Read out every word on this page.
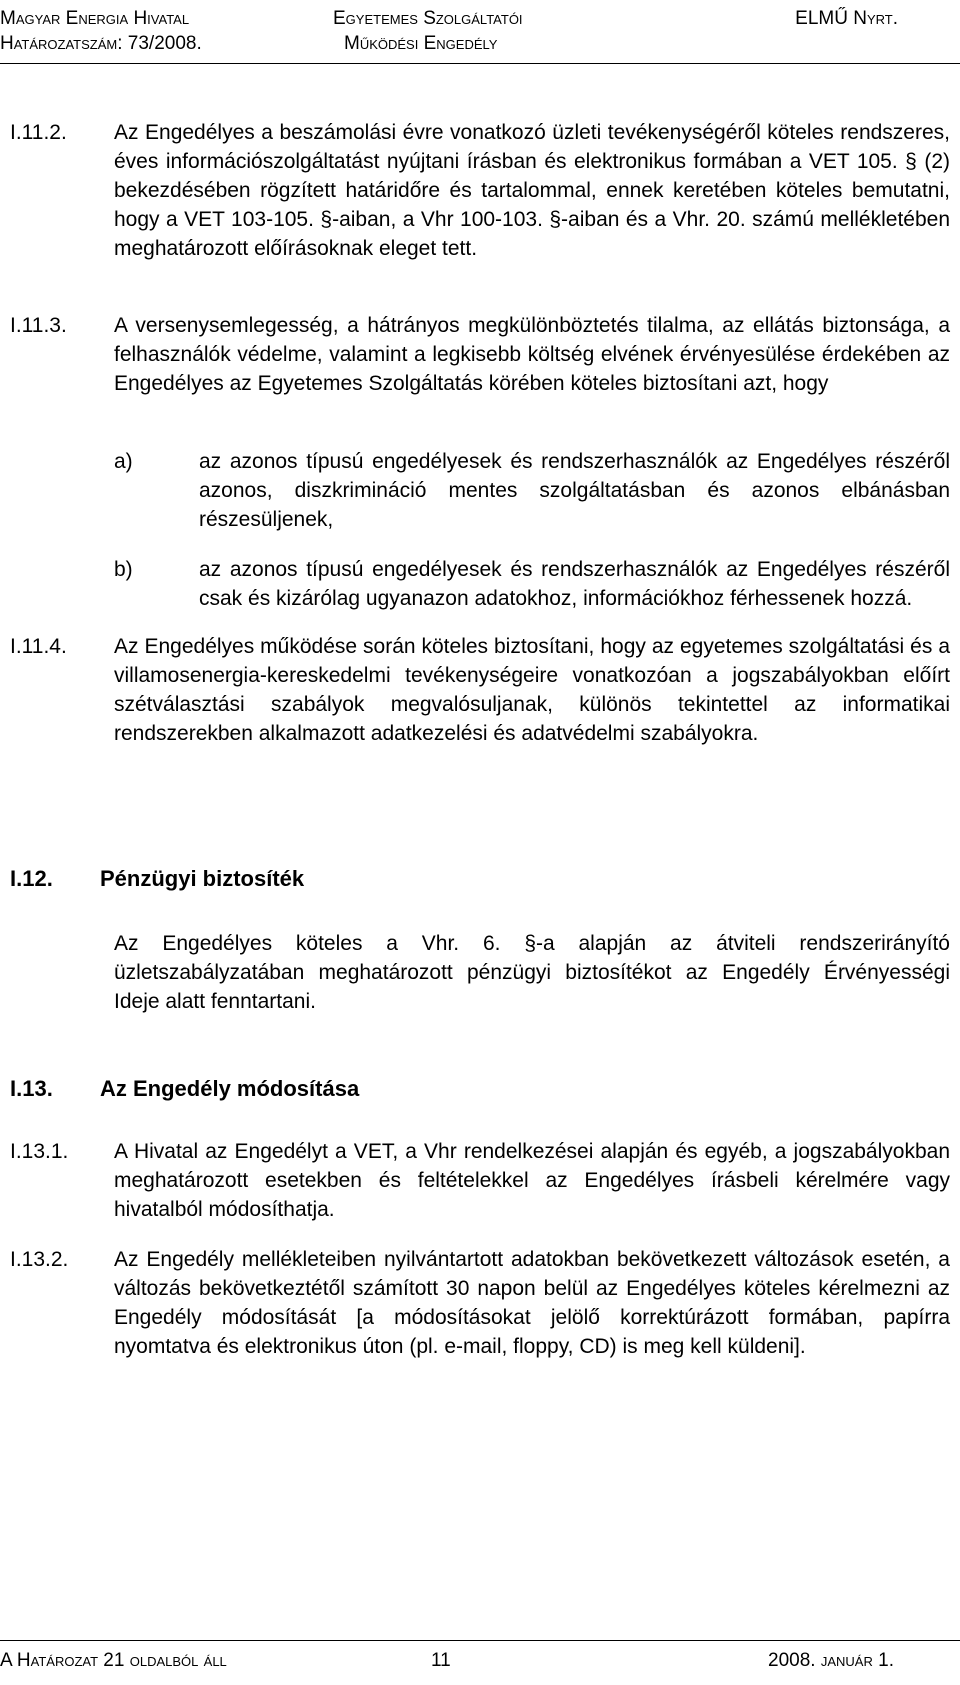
Magyar Energia Hivatal
Határozatszám: 73/2008.
Egyetemes Szolgáltatói
Működési Engedély
ELMŰ Nyrt.
I.11.2. Az Engedélyes a beszámolási évre vonatkozó üzleti tevékenységéről köteles rendszeres, éves információszolgáltatást nyújtani írásban és elektronikus formában a VET 105. § (2) bekezdésében rögzített határidőre és tartalommal, ennek keretében köteles bemutatni, hogy a VET 103-105. §-aiban, a Vhr 100-103. §-aiban és a Vhr. 20. számú mellékletében meghatározott előírásoknak eleget tett.

I.11.3. A versenysemlegesség, a hátrányos megkülönböztetés tilalma, az ellátás biztonsága, a felhasználók védelme, valamint a legkisebb költség elvének érvényesülése érdekében az Engedélyes az Egyetemes Szolgáltatás körében köteles biztosítani azt, hogy

a)	az azonos típusú engedélyesek és rendszerhasználók az Engedélyes részéről azonos, diszkrimináció mentes szolgáltatásban és azonos elbánásban részesüljenek,

b)	az azonos típusú engedélyesek és rendszerhasználók az Engedélyes részéről csak és kizárólag ugyanazon adatokhoz, információkhoz férhessenek hozzá.

I.11.4. Az Engedélyes működése során köteles biztosítani, hogy az egyetemes szolgáltatási és a villamosenergia-kereskedelmi tevékenységeire vonatkozóan a jogszabályokban előírt szétválasztási szabályok megvalósuljanak, különös tekintettel az informatikai rendszerekben alkalmazott adatkezelési és adatvédelmi szabályokra.

I.12. Pénzügyi biztosíték

Az Engedélyes köteles a Vhr. 6. §-a alapján az átviteli rendszerirányító üzletszabályzatában meghatározott pénzügyi biztosítékot az Engedély Érvényességi Ideje alatt fenntartani.

I.13. Az Engedély módosítása
I.13.1. A Hivatal az Engedélyt a VET, a Vhr rendelkezései alapján és egyéb, a jogszabályokban meghatározott esetekben és feltételekkel az Engedélyes írásbeli kérelmére vagy hivatalból módosíthatja.

I.13.2. Az Engedély mellékleteiben nyilvántartott adatokban bekövetkezett változások esetén, a változás bekövetkeztétől számított 30 napon belül az Engedélyes köteles kérelmezni az Engedély módosítását [a módosításokat jelölő korrektúrázott formában, papírra nyomtatva és elektronikus úton (pl. e-mail, floppy, CD) is meg kell küldeni].

A Határozat 21 oldalból áll	11	2008. január 1.
